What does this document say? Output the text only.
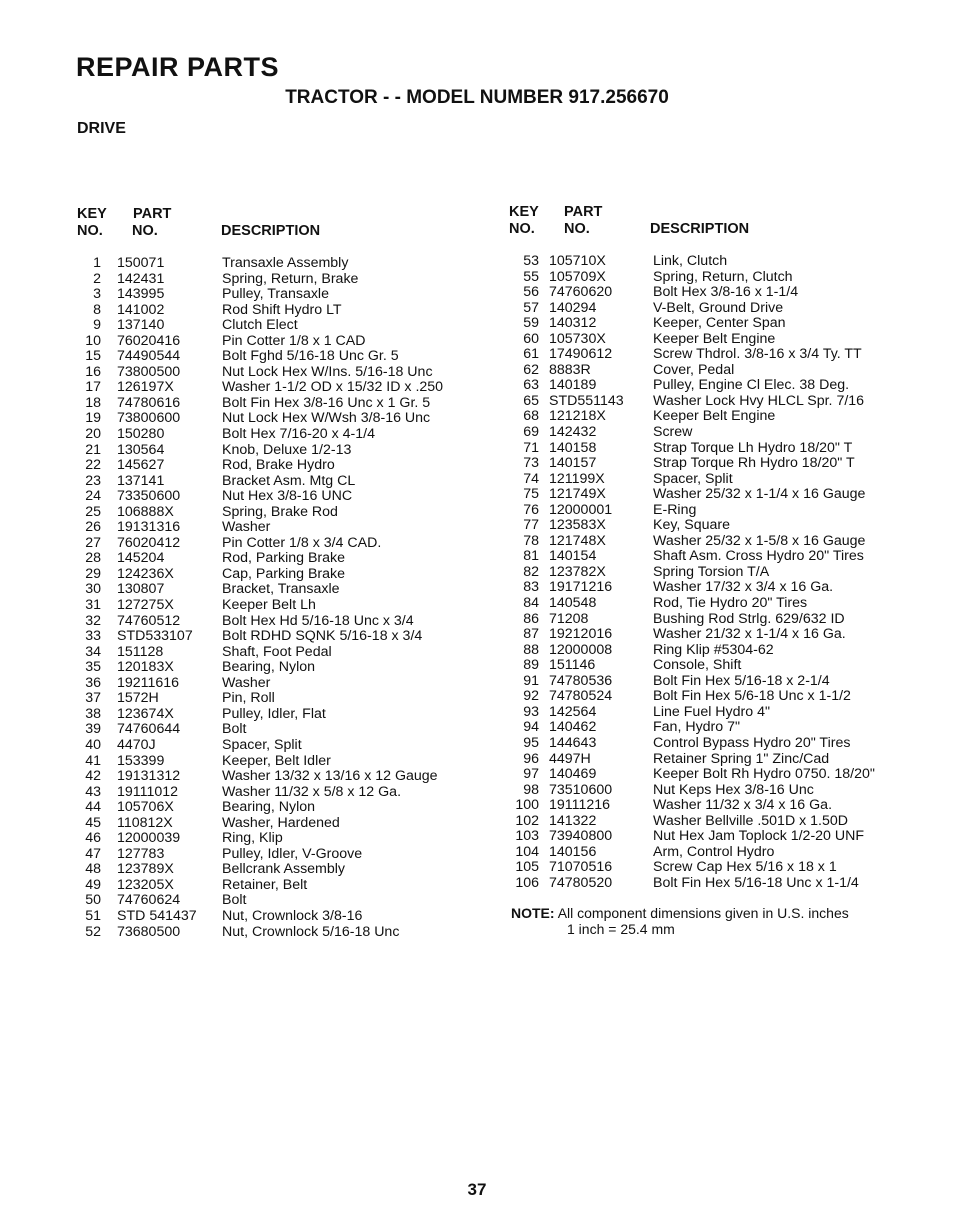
REPAIR PARTS
TRACTOR - - MODEL NUMBER 917.256670
DRIVE
KEY
NO.
PART
NO.	DESCRIPTION
1 150071	Transaxle Assembly
2 142431	Spring, Return, Brake
3 143995	Pulley, Transaxle
8 141002	Rod Shift Hydro LT
9 137140	Clutch Elect
10 76020416	Pin Cotter 1/8 x 1 CAD
15 74490544	Bolt Fghd 5/16-18 Unc Gr. 5
16 73800500	Nut Lock Hex W/Ins. 5/16-18 Unc
17 126197X	Washer 1-1/2 OD x 15/32 ID x .250
18 74780616	Bolt Fin Hex 3/8-16 Unc x 1 Gr. 5
19 73800600	Nut Lock Hex W/Wsh 3/8-16 Unc
20 150280	Bolt Hex 7/16-20 x 4-1/4
21 130564	Knob, Deluxe 1/2-13
22 145627	Rod, Brake Hydro
23 137141	Bracket Asm. Mtg CL
24 73350600	Nut Hex 3/8-16 UNC
25 106888X	Spring, Brake Rod
26 19131316	Washer
27 76020412	Pin Cotter 1/8 x 3/4 CAD.
28 145204	Rod, Parking Brake
29 124236X	Cap, Parking Brake
30 130807	Bracket, Transaxle
31 127275X	Keeper Belt Lh
32 74760512	Bolt Hex Hd 5/16-18 Unc x 3/4
33 STD533107 Bolt RDHD SQNK 5/16-18 x 3/4
34 151128	Shaft, Foot Pedal
35 120183X	Bearing, Nylon
36 19211616	Washer
37 1572H	Pin, Roll
38 123674X	Pulley, Idler, Flat
39 74760644	Bolt
40 4470J	Spacer, Split
41 153399	Keeper, Belt Idler
42 19131312	Washer 13/32 x 13/16 x 12 Gauge
43 19111012	Washer 11/32 x 5/8 x 12 Ga.
44 105706X	Bearing, Nylon
45 110812X	Washer, Hardened
46 12000039	Ring, Klip
47 127783	Pulley, Idler, V-Groove
48 123789X	Bellcrank Assembly
49 123205X	Retainer, Belt
50 74760624	Bolt
51 STD 541437 Nut, Crownlock 3/8-16
52 73680500	Nut, Crownlock 5/16-18 Unc
KEY
NO.
PART
NO.	DESCRIPTION
53 105710X	Link, Clutch
55 105709X	Spring, Return, Clutch
56 74760620	Bolt Hex 3/8-16 x 1-1/4
57 140294	V-Belt, Ground Drive
59 140312	Keeper, Center Span
60 105730X	Keeper Belt Engine
61 17490612	Screw Thdrol. 3/8-16 x 3/4 Ty. TT
62 8883R	Cover, Pedal
63 140189	Pulley, Engine Cl Elec. 38 Deg.
65 STD551143 Washer Lock Hvy HLCL Spr. 7/16
68 121218X	Keeper Belt Engine
69 142432	Screw
71 140158	Strap Torque Lh Hydro 18/20" T
73 140157	Strap Torque Rh Hydro 18/20" T
74 121199X	Spacer, Split
75 121749X	Washer 25/32 x 1-1/4 x 16 Gauge
76 12000001	E-Ring
77 123583X	Key, Square
78 121748X	Washer 25/32 x 1-5/8 x 16 Gauge
81 140154	Shaft Asm. Cross Hydro 20" Tires
82 123782X	Spring Torsion T/A
83 19171216	Washer 17/32 x 3/4 x 16 Ga.
84 140548	Rod, Tie Hydro 20" Tires
86 71208	Bushing Rod Strlg. 629/632 ID
87 19212016	Washer 21/32 x 1-1/4 x 16 Ga.
88 12000008	Ring Klip #5304-62
89 151146	Console, Shift
91 74780536	Bolt Fin Hex 5/16-18 x 2-1/4
92 74780524	Bolt Fin Hex 5/6-18 Unc x 1-1/2
93 142564	Line Fuel Hydro 4"
94 140462	Fan, Hydro 7"
95 144643	Control Bypass Hydro 20" Tires
96 4497H	Retainer Spring 1" Zinc/Cad
97 140469	Keeper Bolt Rh Hydro 0750. 18/20"
98 73510600	Nut Keps Hex 3/8-16 Unc
100 19111216	Washer 11/32 x 3/4 x 16 Ga.
102 141322	Washer Bellville .501D x 1.50D
103 73940800	Nut Hex Jam Toplock 1/2-20 UNF
104 140156	Arm, Control Hydro
105 71070516	Screw Cap Hex 5/16 x 18 x 1
106 74780520	Bolt Fin Hex 5/16-18 Unc x 1-1/4
NOTE: All component dimensions given in U.S. inches
1 inch = 25.4 mm
37
